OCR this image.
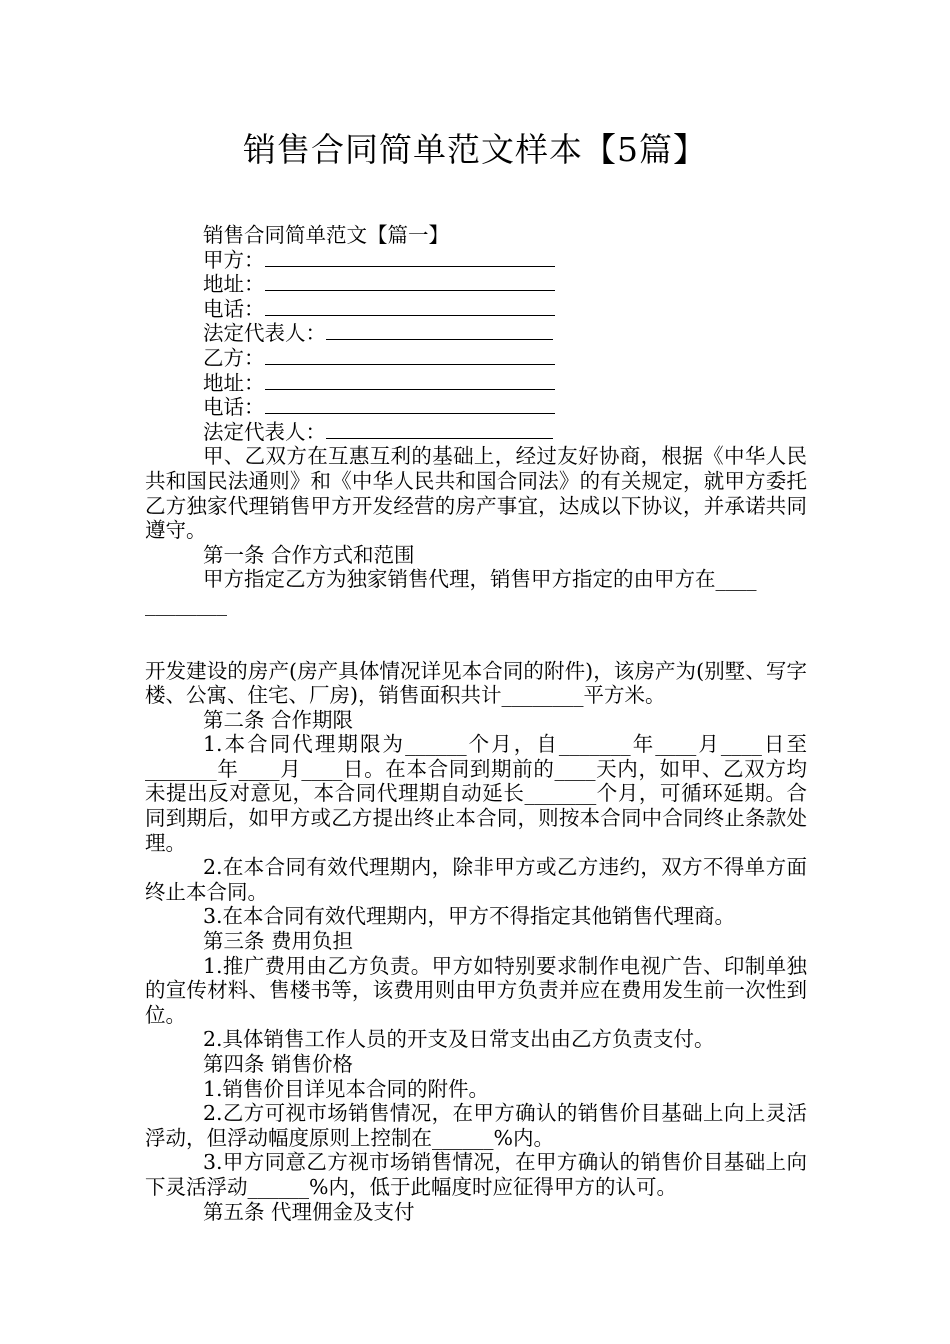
销售合同简单范文样本【5篇】
销售合同简单范文【篇一】
甲方：
地址：
电话：
法定代表人：
乙方：
地址：
电话：
法定代表人：
甲、乙双方在互惠互利的基础上，经过友好协商，根据《中华人民共和国民法通则》和《中华人民共和国合同法》的有关规定，就甲方委托乙方独家代理销售甲方开发经营的房产事宜，达成以下协议，并承诺共同遵守。
第一条 合作方式和范围
甲方指定乙方为独家销售代理，销售甲方指定的由甲方在____
________
开发建设的房产(房产具体情况详见本合同的附件)，该房产为(别墅、写字楼、公寓、住宅、厂房)，销售面积共计________平方米。
第二条 合作期限
1.本合同代理期限为______个月，自_______年____月____日至_______年____月____日。在本合同到期前的____天内，如甲、乙双方均未提出反对意见，本合同代理期自动延长_______个月，可循环延期。合同到期后，如甲方或乙方提出终止本合同，则按本合同中合同终止条款处理。
2.在本合同有效代理期内，除非甲方或乙方违约，双方不得单方面终止本合同。
3.在本合同有效代理期内，甲方不得指定其他销售代理商。
第三条 费用负担
1.推广费用由乙方负责。甲方如特别要求制作电视广告、印制单独的宣传材料、售楼书等，该费用则由甲方负责并应在费用发生前一次性到位。
2.具体销售工作人员的开支及日常支出由乙方负责支付。
第四条 销售价格
1.销售价目详见本合同的附件。
2.乙方可视市场销售情况，在甲方确认的销售价目基础上向上灵活浮动，但浮动幅度原则上控制在______%内。
3.甲方同意乙方视市场销售情况，在甲方确认的销售价目基础上向下灵活浮动______%内，低于此幅度时应征得甲方的认可。
第五条 代理佣金及支付
